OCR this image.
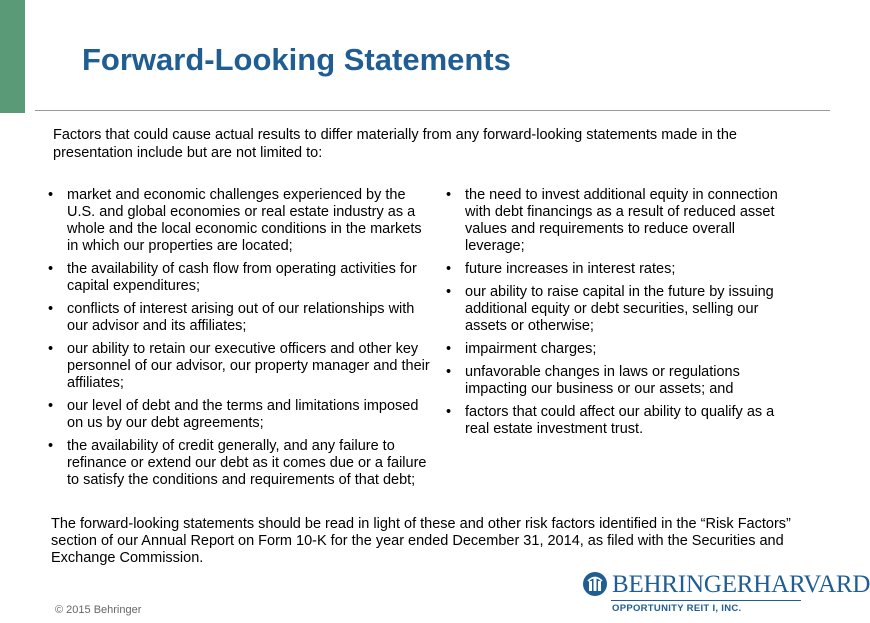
Forward-Looking Statements
Factors that could cause actual results to differ materially from any forward-looking statements made in the presentation include but are not limited to:
• market and economic challenges experienced by the U.S. and global economies or real estate industry as a whole and the local economic conditions in the markets in which our properties are located;
• the availability of cash flow from operating activities for capital expenditures;
• conflicts of interest arising out of our relationships with our advisor and its affiliates;
• our ability to retain our executive officers and other key personnel of our advisor, our property manager and their affiliates;
• our level of debt and the terms and limitations imposed on us by our debt agreements;
• the availability of credit generally, and any failure to refinance or extend our debt as it comes due or a failure to satisfy the conditions and requirements of that debt;
• the need to invest additional equity in connection with debt financings as a result of reduced asset values and requirements to reduce overall leverage;
• future increases in interest rates;
• our ability to raise capital in the future by issuing additional equity or debt securities, selling our assets or otherwise;
• impairment charges;
• unfavorable changes in laws or regulations impacting our business or our assets; and
• factors that could affect our ability to qualify as a real estate investment trust.
The forward-looking statements should be read in light of these and other risk factors identified in the “Risk Factors” section of our Annual Report on Form 10-K for the year ended December 31, 2014, as filed with the Securities and Exchange Commission.
© 2015 Behringer
BEHRINGERHARVARD
OPPORTUNITY REIT I, INC.
